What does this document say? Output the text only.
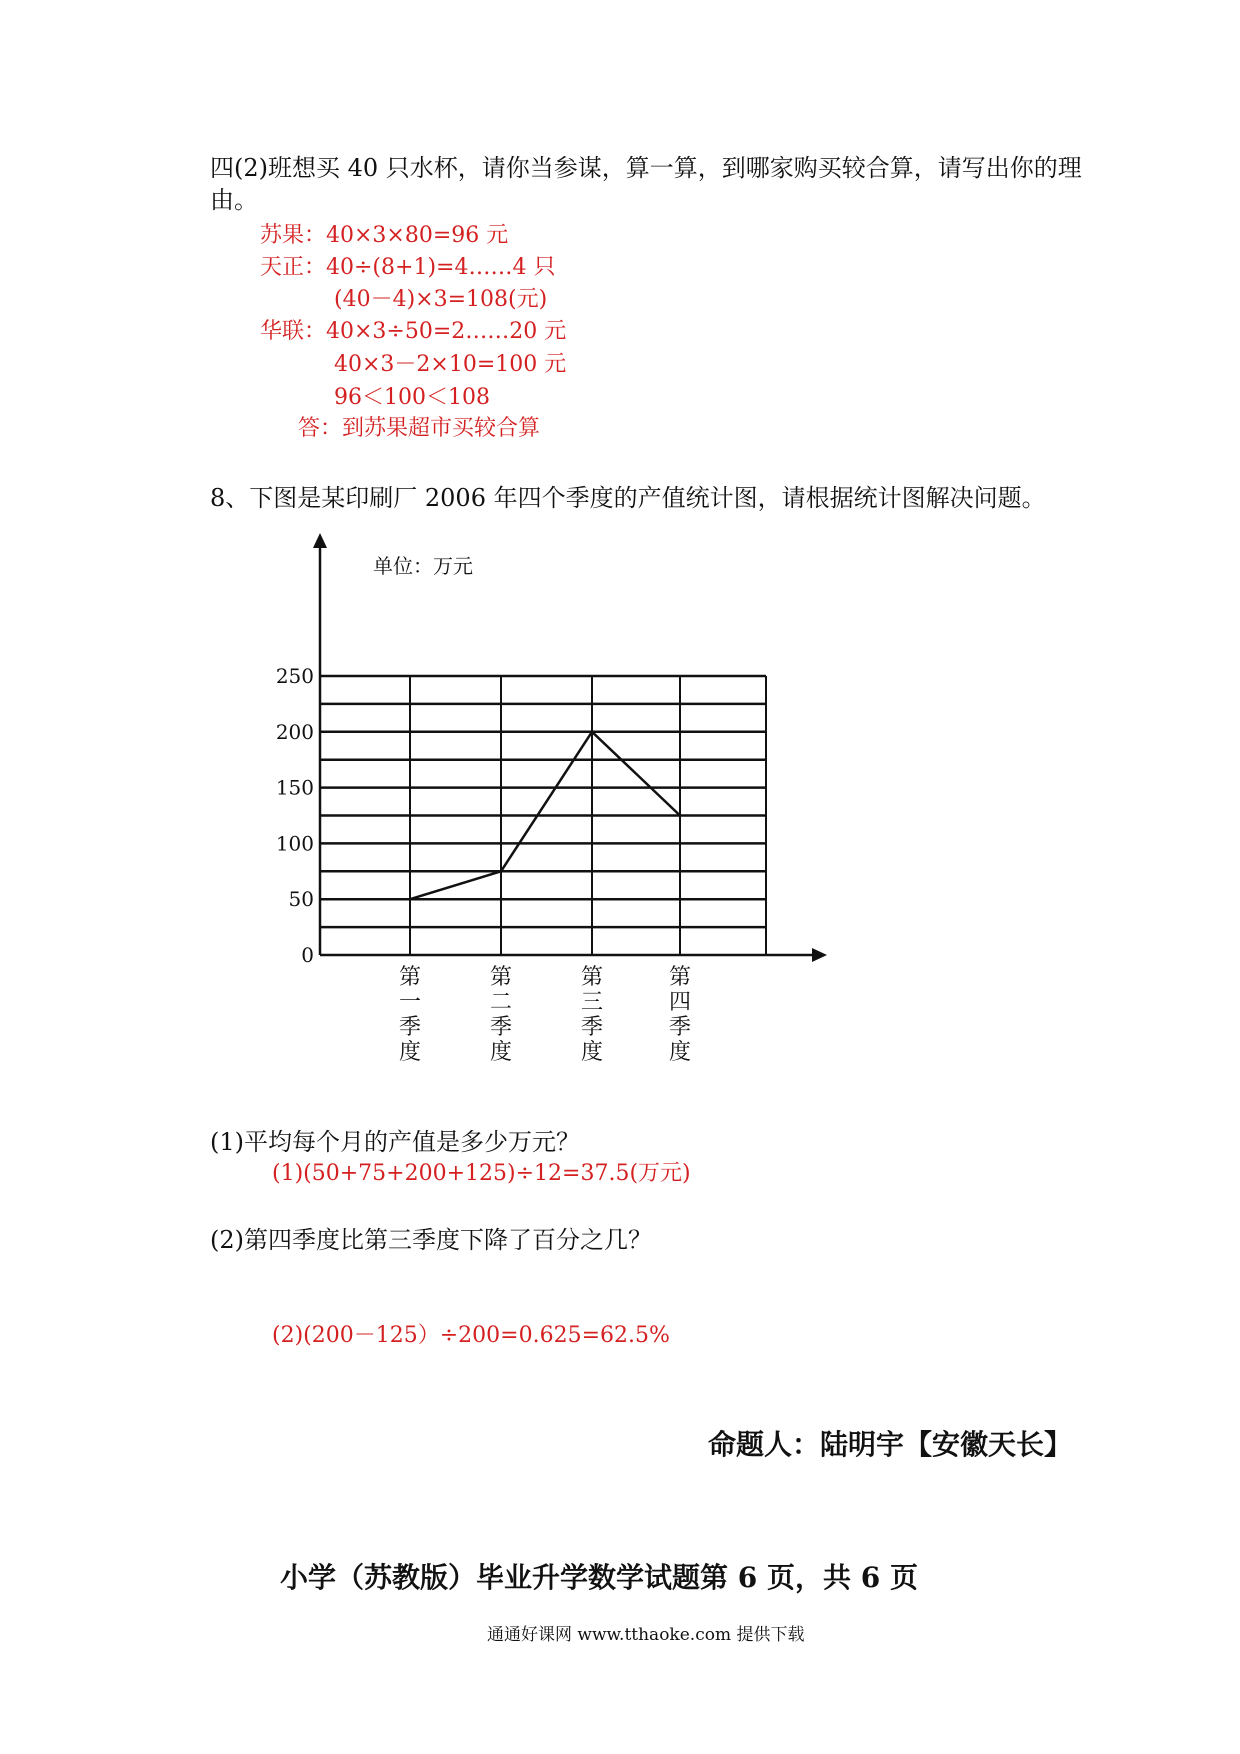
四(2)班想买 40 只水杯，请你当参谋，算一算，到哪家购买较合算，请写出你的理
由。
苏果：40×3×80=96 元
天正：40÷(8+1)=4……4 只
(40－4)×3=108(元)
华联：40×3÷50=2……20 元
40×3－2×10=100 元
96＜100＜108
答：到苏果超市买较合算
8、下图是某印刷厂 2006 年四个季度的产值统计图，请根据统计图解决问题。
0
50
100
150
200
250
单位：万元
第一季度
第二季度
第三季度
第四季度
(1)平均每个月的产值是多少万元？
(1)(50+75+200+125)÷12=37.5(万元)
(2)第四季度比第三季度下降了百分之几？
(2)(200－125）÷200=0.625=62.5%
命题人：陆明宇【安徽天长】
小学（苏教版）毕业升学数学试题第 6 页，共 6 页
通通好课网 www.tthaoke.com 提供下载
